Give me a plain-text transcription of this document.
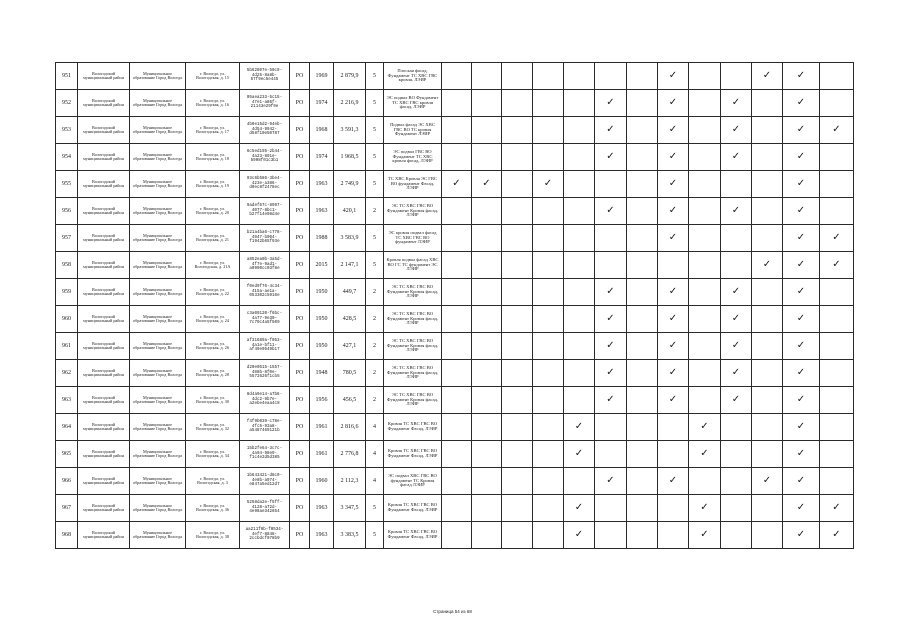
951	Вологодский муниципальный район	Муниципальное образование Город Вологда	г. Вологда, ул. Вологодская, д. 15	5b62807e-50c9-4d25-8a8b-67f9ec5e445	РО	1969	2 879,9	5	Плоская фасад, Фундамент ТС ХВС ГВС кровля, ЛЭИР								✓			✓	✓	
952	Вологодский муниципальный район	Муниципальное образование Город Вологда	г. Вологда, ул. Вологодская, д. 16	05aea233-5c15-47e1-a86f-21143e29f9e	РО	1974	2 216,9	5	ЭС подвал ВО Фундамент ТС ХВС ГВС кровля фасад, ЛЭИР						✓		✓		✓		✓	
953	Вологодский муниципальный район	Муниципальное образование Город Вологда	г. Вологда, ул. Вологодская, д. 17	4b0e15d2-94eb-4d54-9942-d58f10e50787	РО	1968	3 591,3	5	Подвал фасад ЭС ХВС ГВС ВО ТС кровля Фундамент ЛЭИР						✓		✓		✓		✓	✓
954	Вологодский муниципальный район	Муниципальное образование Город Вологда	г. Вологда, ул. Вологодская, д. 18	6c5ed195-2b44-4a23-891e-5908f01c3b1	РО	1974	1 968,5	5	ЭС подвал ГВС ВО Фундамент ТС ХВС кровля фасад, ЛЭИР						✓		✓		✓		✓	
955	Вологодский муниципальный район	Муниципальное образование Город Вологда	г. Вологда, ул. Вологодская, д. 19	93c6b586-3be4-423e-a386-d0ec8f2478ec	РО	1963	2 749,9	5	ТС ХВС Кровля ЭС ГВС ВО фундамент Фасад, ЛЭИР	✓	✓		✓				✓				✓	
956	Вологодский муниципальный район	Муниципальное образование Город Вологда	г. Вологда, ул. Вологодская, д. 20	9adef67c-8997-4077-8bc1-b27f14e98d4e	РО	1963	420,1	2	ЭС ТС ХВС ГВС ВО Фундамент Кровля фасад, ЛЭИР						✓		✓		✓		✓	
957	Вологодский муниципальный район	Муниципальное образование Город Вологда	г. Вологда, ул. Вологодская, д. 21	b21a4ba6-c778-4947-b904-f1942b65f93e	РО	1988	3 583,9	5	ЭС кровля подвал фасад ТС ХВС ГВС ВО фундамент ЛЭИР								✓				✓	✓
958	Вологодский муниципальный район	Муниципальное образование Город Вологда	г. Вологда, ул. Вологодская, д. 21А	a852ea0b-3a5d-4f7e-9ad1-a0990cc03f8e	РО	2015	2 147,1	5	Кровля подвал фасад ХВС ВО ГС ТС фундамент ЭС ЛЭИР											✓	✓	✓
959	Вологодский муниципальный район	Муниципальное образование Город Вологда	г. Вологда, ул. Вологодская, д. 22	f0ed9f76-4c34-415a-ae1a-053302c5916e	РО	1950	449,7	2	ЭС ТС ХВС ГВС ВО Фундамент Кровля фасад, ЛЭИР						✓		✓		✓		✓	
960	Вологодский муниципальный район	Муниципальное образование Город Вологда	г. Вологда, ул. Вологодская, д. 24	c3a09120-f6bc-4a77-9e30-7c79c4a5f509	РО	1950	428,5	2	ЭС ТС ХВС ГВС ВО Фундамент Кровля фасад, ЛЭИР						✓		✓		✓		✓	
961	Вологодский муниципальный район	Муниципальное образование Город Вологда	г. Вологда, ул. Вологодская, д. 26	af31689a-f053-4a1e-bf11-af49e9549b17	РО	1950	427,1	2	ЭС ТС ХВС ГВС ВО Фундамент Кровля фасад, ЛЭИР						✓		✓		✓		✓	
962	Вологодский муниципальный район	Муниципальное образование Город Вологда	г. Вологда, ул. Вологодская, д. 28	d20e0515-1557-488b-8f0e-5572626f1cb5	РО	1948	780,5	2	ЭС ТС ХВС ГВС ВО Фундамент Кровля фасад, ЛЭИР						✓		✓		✓		✓	
963	Вологодский муниципальный район	Муниципальное образование Город Вологда	г. Вологда, ул. Вологодская, д. 30	8d4a9e14-a7b6-4dc2-9b7e-a2ebe4eaa4c8	РО	1956	456,5	2	ЭС ТС ХВС ГВС ВО Фундамент Кровля фасад, ЛЭИР						✓		✓		✓		✓	
964	Вологодский муниципальный район	Муниципальное образование Город Вологда	г. Вологда, ул. Вологодская, д. 32	f4f9b039-c78e-4fc5-93a8-a5487469121b	РО	1961	2 816,6	4	Кровля ТС ХВС ГВС ВО Фундамент Фасад, ЛЭИР					✓				✓			✓	
965	Вологодский муниципальный район	Муниципальное образование Город Вологда	г. Вологда, ул. Вологодская, д. 34	15b2fe64-3c7c-4a94-98e9-f1c4e2d5d385	РО	1961	2 776,8	4	Кровля ТС ХВС ГВС ВО Фундамент Фасад, ЛЭИР					✓				✓			✓	
966	Вологодский муниципальный район	Муниципальное образование Город Вологда	г. Вологда, ул. Вологодская, д. 3	1b643421-d8c0-4e8b-a974-e847a5ed12d7	РО	1960	2 112,3	4	ЭС подвал ХВС ГВС ВО фундамент ТС Кровля фасад ЛЭИР						✓		✓			✓	✓	
967	Вологодский муниципальный район	Муниципальное образование Город Вологда	г. Вологда, ул. Вологодская, д. 36	5258da2e-f5ff-4128-a72d-4e98ae342654	РО	1963	3 347,5	5	Кровля ТС ХВС ГВС ВО Фундамент Фасад, ЛЭИР					✓				✓			✓	✓
968	Вологодский муниципальный район	Муниципальное образование Город Вологда	г. Вологда, ул. Вологодская, д. 38	aa211f6b-f0534-4ef7-8848-2ccbdcf078b9	РО	1963	3 383,5	5	Кровля ТС ХВС ГВС ВО Фундамент Фасад, ЛЭИР					✓				✓			✓	✓
Страница 54 из 68
